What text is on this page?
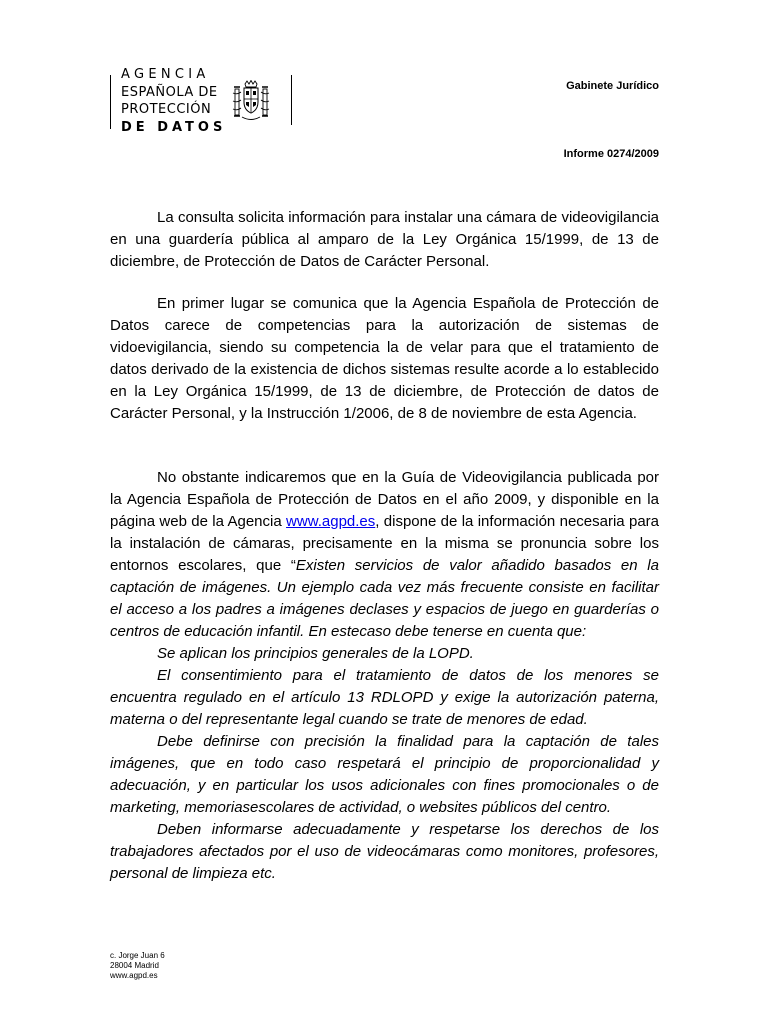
AGENCIA
ESPAÑOLA DE
PROTECCIÓN
DE DATOS
Gabinete Jurídico
Informe 0274/2009

La consulta solicita información para instalar una cámara de videovigilancia en una guardería pública al amparo de la Ley Orgánica 15/1999, de 13 de diciembre, de Protección de Datos de Carácter Personal.

En primer lugar se comunica que la Agencia Española de Protección de Datos carece de competencias para la autorización de sistemas de vidoevigilancia, siendo su competencia la de velar para que el tratamiento de datos derivado de la existencia de dichos sistemas resulte acorde a lo establecido en la Ley Orgánica 15/1999, de 13 de diciembre, de Protección de datos de Carácter Personal, y la Instrucción 1/2006, de 8 de noviembre de esta Agencia.

No obstante indicaremos que en la Guía de Videovigilancia publicada por la Agencia Española de Protección de Datos en el año 2009, y disponible en la página web de la Agencia www.agpd.es, dispone de la información necesaria para la instalación de cámaras, precisamente en la misma se pronuncia sobre los entornos escolares, que “Existen servicios de valor añadido basados en la captación de imágenes. Un ejemplo cada vez más frecuente consiste en facilitar el acceso a los padres a imágenes declases y espacios de juego en guarderías o centros de educación infantil. En estecaso debe tenerse en cuenta que:

Se aplican los principios generales de la LOPD.

El consentimiento para el tratamiento de datos de los menores se encuentra regulado en el artículo 13 RDLOPD y exige la autorización paterna, materna o del representante legal cuando se trate de menores de edad.

Debe definirse con precisión la finalidad para la captación de tales imágenes, que en todo caso respetará el principio de proporcionalidad y adecuación, y en particular los usos adicionales con fines promocionales o de marketing, memoriasescolares de actividad, o websites públicos del centro.

Deben informarse adecuadamente y respetarse los derechos de los trabajadores afectados por el uso de videocámaras como monitores, profesores, personal de limpieza etc.

c. Jorge Juan 6
28004 Madrid
www.agpd.es
